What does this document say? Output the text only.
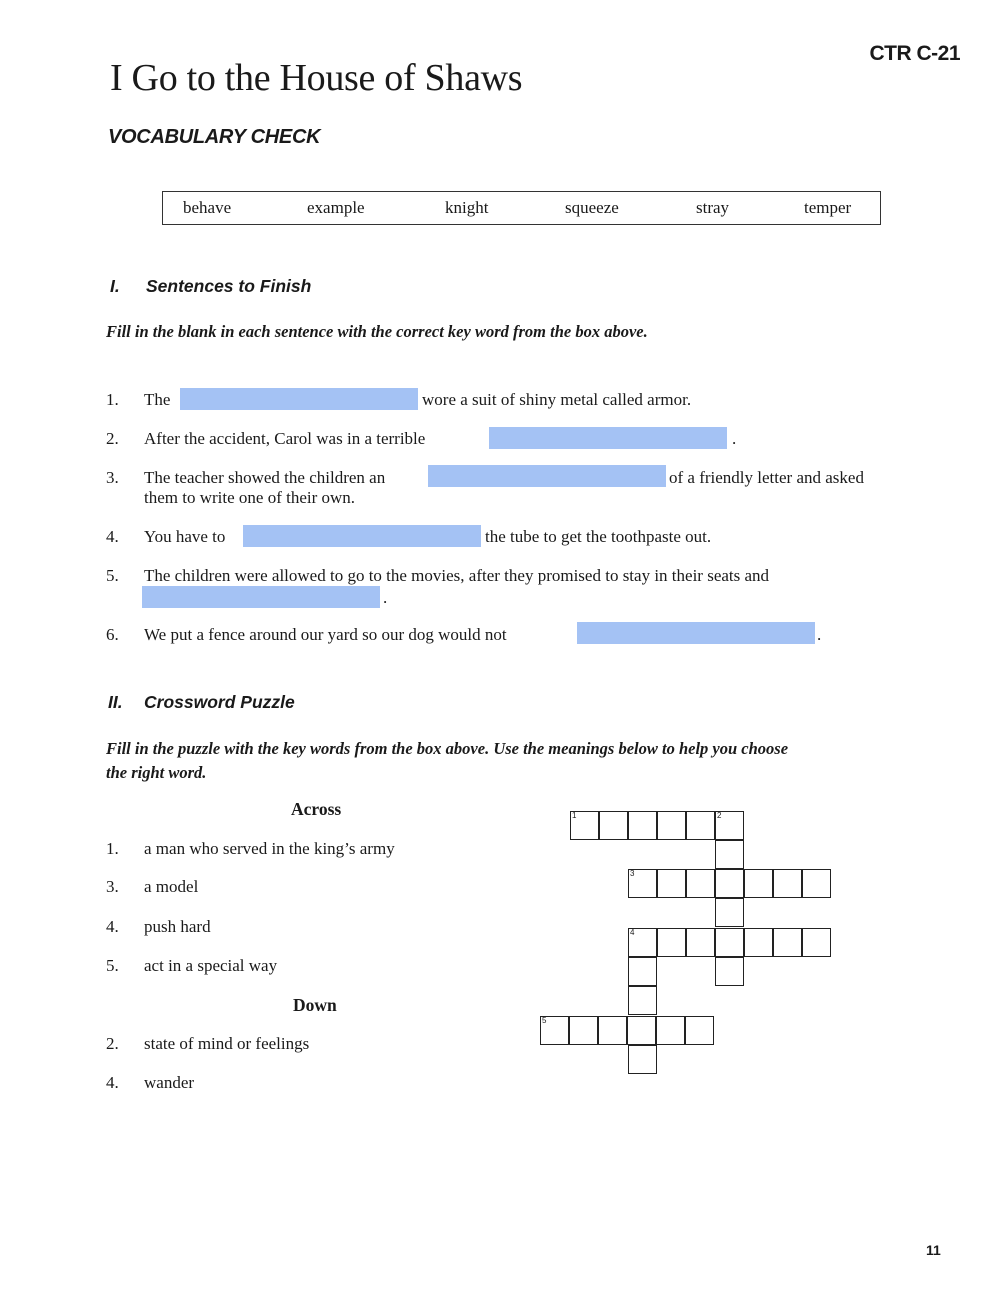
CTR C-21
I Go to the House of Shaws
VOCABULARY CHECK
behave	example	knight	squeeze	stray	temper
I. Sentences to Finish
Fill in the blank in each sentence with the correct key word from the box above.
1. The	wore a suit of shiny metal called armor.
2. After the accident, Carol was in a terrible	.
3. The teacher showed the children an	of a friendly letter and asked
them to write one of their own.
4. You have to	the tube to get the toothpaste out.
5. The children were allowed to go to the movies, after they promised to stay in their seats and
.
6. We put a fence around our yard so our dog would not	.
II. Crossword Puzzle
Fill in the puzzle with the key words from the box above. Use the meanings below to help you choose
the right word.
Across
1. a man who served in the king’s army
3. a model
4. push hard
5. act in a special way
Down
2. state of mind or feelings
4. wander
1	2
3
4
5
11
